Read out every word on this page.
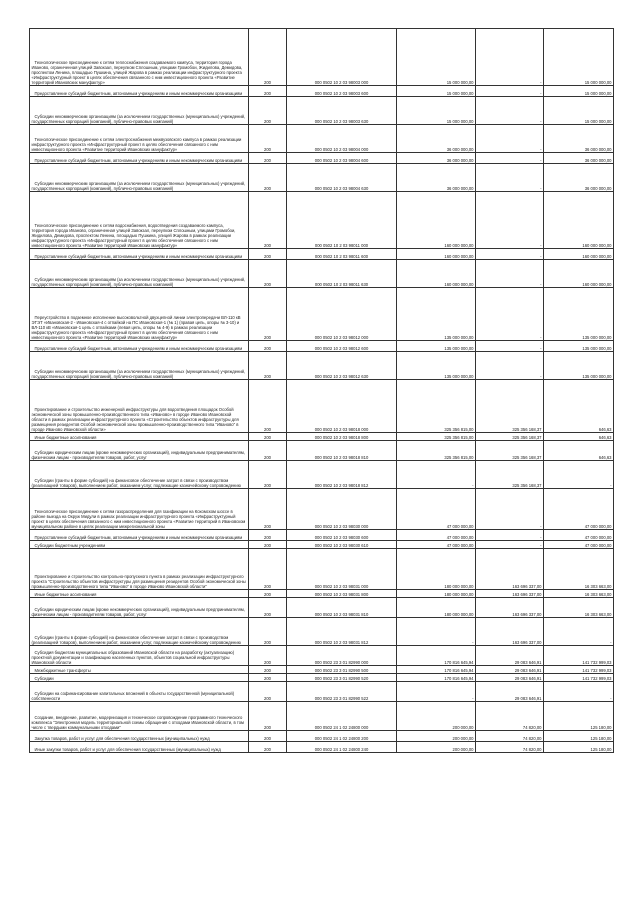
Технологическое присоединение к сетям теплоснабжения создаваемого кампуса, территория города Иваново, ограниченная улицей Завокзал, переулком Сплошным, улицами Громобои, Жидилова, Демидова, проспектом Ленина, площадью Пушкина, улицей Жарова в рамках реализации инфраструктурного проекта «Инфраструктурный проект в целях обеспечения связанного с ним инвестиционного проекта «Развитие территорий Ивановских мануфактур»	200	000 0502 10 2 03 98003 000	15 000 000,00	-	15 000 000,00

Предоставление субсидий бюджетным, автономным учреждениям и иным некоммерческим организациям	200	000 0502 10 2 03 98003 600	15 000 000,00	-	15 000 000,00

Субсидии некоммерческим организациям (за исключением государственных (муниципальных) учреждений, государственных корпораций (компаний), публично-правовых компаний)	200	000 0502 10 2 03 98003 630	15 000 000,00	-	15 000 000,00

Технологическое присоединение к сетям электроснабжения межвузовского кампуса в рамках реализации инфраструктурного проекта «Инфраструктурный проект в целях обеспечения связанного с ним инвестиционного проекта «Развитие территорий Ивановских мануфактур»	200	000 0502 10 2 03 98004 000	36 000 000,00	-	36 000 000,00

Предоставление субсидий бюджетным, автономным учреждениям и иным некоммерческим организациям	200	000 0502 10 2 03 98004 600	36 000 000,00	-	36 000 000,00

Субсидии некоммерческим организациям (за исключением государственных (муниципальных) учреждений, государственных корпораций (компаний), публично-правовых компаний)	200	000 0502 10 2 03 98004 630	36 000 000,00	-	36 000 000,00

Технологическое присоединение к сетям водоснабжения, водоотведения создаваемого кампуса, территория города Иваново, ограниченная улицей Завокзал, переулком Сплошным, улицами Громобои, Жидилова, Демидова, проспектом Ленина, площадью Пушкина, улицей Жарова в рамках реализации инфраструктурного проекта «Инфраструктурный проект в целях обеспечения связанного с ним инвестиционного проекта «Развитие территорий Ивановских мануфактур»	200	000 0502 10 2 03 98011 000	160 000 000,00	-	160 000 000,00

Предоставление субсидий бюджетным, автономным учреждениям и иным некоммерческим организациям	200	000 0502 10 2 03 98011 600	160 000 000,00	-	160 000 000,00

Субсидии некоммерческим организациям (за исключением государственных (муниципальных) учреждений, государственных корпораций (компаний), публично-правовых компаний)	200	000 0502 10 2 03 98011 630	160 000 000,00	-	160 000 000,00

Переустройство в подземное исполнение высоковольтной двухцепной линии электропередачи ВЛ-110 кВ ЭТЭТ «Ивановская-2 - Ивановская-4 с отпайкой на ПС Ивановская-1 (№ 1) (правая цепь, опоры № 3-10) и ВЛ-110 кВ «Ивановская-1 цепь с отпайками (левая цепь, опоры № 4-9) в рамках реализации инфраструктурного проекта «Инфраструктурный проект в целях обеспечения связанного с ним инвестиционного проекта «Развитие территорий Ивановских мануфактур»	200	000 0502 10 2 03 98012 000	135 000 000,00	-	135 000 000,00

Предоставление субсидий бюджетным, автономным учреждениям и иным некоммерческим организациям	200	000 0502 10 2 03 98012 600	135 000 000,00	-	135 000 000,00

Субсидии некоммерческим организациям (за исключением государственных (муниципальных) учреждений, государственных корпораций (компаний), публично-правовых компаний)	200	000 0502 10 2 03 98012 630	135 000 000,00	-	135 000 000,00

Проектирование и строительство инженерной инфраструктуры для водоотведения площадок Особой экономической зоны промышленно-производственного типа «Иваново» в городе Иваново Ивановской области в рамках реализации инфраструктурного проекта «Строительство объектов инфраструктуры для размещения резидентов Особой экономической зоны промышленно-производственного типа "Иваново" в городе Иваново Ивановской области»	200	000 0502 10 2 03 98018 000	325 356 815,00	325 356 168,37	646,63

Иные бюджетные ассигнования	200	000 0502 10 2 03 98018 800	325 356 815,00	325 356 168,37	646,63

Субсидии юридическим лицам (кроме некоммерческих организаций), индивидуальным предпринимателям, физическим лицам - производителям товаров, работ, услуг	200	000 0502 10 2 03 98018 810	325 356 815,00	325 356 168,37	646,63

Субсидии (гранты в форме субсидий) на финансовое обеспечение затрат в связи с производством (реализацией товаров), выполнением работ, оказанием услуг, подлежащие казначейскому сопровождению	200	000 0502 10 2 03 98018 812	-	325 356 168,37	-

Технологическое присоединение к сетям газораспределения для газификации на Кохомском шоссе в районе выезда на Окруж Мидули в рамках реализации инфраструктурного проекта «Инфраструктурный проект в целях обеспечения связанного с ним инвестиционного проекта «Развитие территорий в Ивановском муниципальном районе в целях реализации межрегиональной зоны	200	000 0502 10 2 03 98030 000	47 000 000,00	-	47 000 000,00

Предоставление субсидий бюджетным, автономным учреждениям и иным некоммерческим организациям	200	000 0502 10 2 03 98030 600	47 000 000,00	-	47 000 000,00

Субсидии бюджетным учреждениям	200	000 0502 10 2 03 98030 610	47 000 000,00	-	47 000 000,00

Проектирование и строительство контрольно-пропускного пункта в рамках реализации инфраструктурного проекта "Строительство объектов инфраструктуры для размещения резидентов Особой экономической зоны промышленно-производственного типа "Иваново" в городе Иваново Ивановской области"	200	000 0502 10 2 03 98031 000	180 000 000,00	163 696 337,00	16 303 663,00

Иные бюджетные ассигнования	200	000 0502 10 2 03 98031 800	180 000 000,00	163 696 337,00	16 303 663,00

Субсидии юридическим лицам (кроме некоммерческих организаций), индивидуальным предпринимателям, физическим лицам - производителям товаров, работ, услуг	200	000 0502 10 2 03 98031 810	180 000 000,00	163 696 337,00	16 303 663,00

Субсидии (гранты в форме субсидий) на финансовое обеспечение затрат в связи с производством (реализацией товаров), выполнением работ, оказанием услуг, подлежащие казначейскому сопровождению	200	000 0502 10 2 03 98031 812	-	163 696 337,00	-

Субсидия бюджетам муниципальных образований Ивановской области на разработку (актуализацию) проектной документации и газификацию населенных пунктов, объектов социальной инфраструктуры Ивановской области	200	000 0502 23 3 01 82990 000	170 816 645,94	29 083 646,91	141 732 999,03

Межбюджетные трансферты	200	000 0502 23 3 01 82990 500	170 816 645,94	29 083 646,91	141 732 999,03

Субсидии	200	000 0502 23 3 01 82990 520	170 816 645,94	29 083 646,91	141 732 999,03

Субсидии на софинансирование капитальных вложений в объекты государственной (муниципальной) собственности	200	000 0502 23 3 01 82990 522	-	29 083 646,91	-

Создание, внедрение, развитие, модернизация и техническое сопровождение программного технического комплекса "Электронная модель территориальной схемы обращения с отходами Ивановской области, в том числе с твердыми коммунальными отходами"	200	000 0502 24 1 02 24800 000	200 000,00	74 820,00	125 180,00

Закупка товаров, работ и услуг для обеспечения государственных (муниципальных) нужд	200	000 0502 24 1 02 24800 200	200 000,00	74 820,00	125 180,00

Иные закупки товаров, работ и услуг для обеспечения государственных (муниципальных) нужд	200	000 0502 24 1 02 24800 240	200 000,00	74 820,00	125 180,00
